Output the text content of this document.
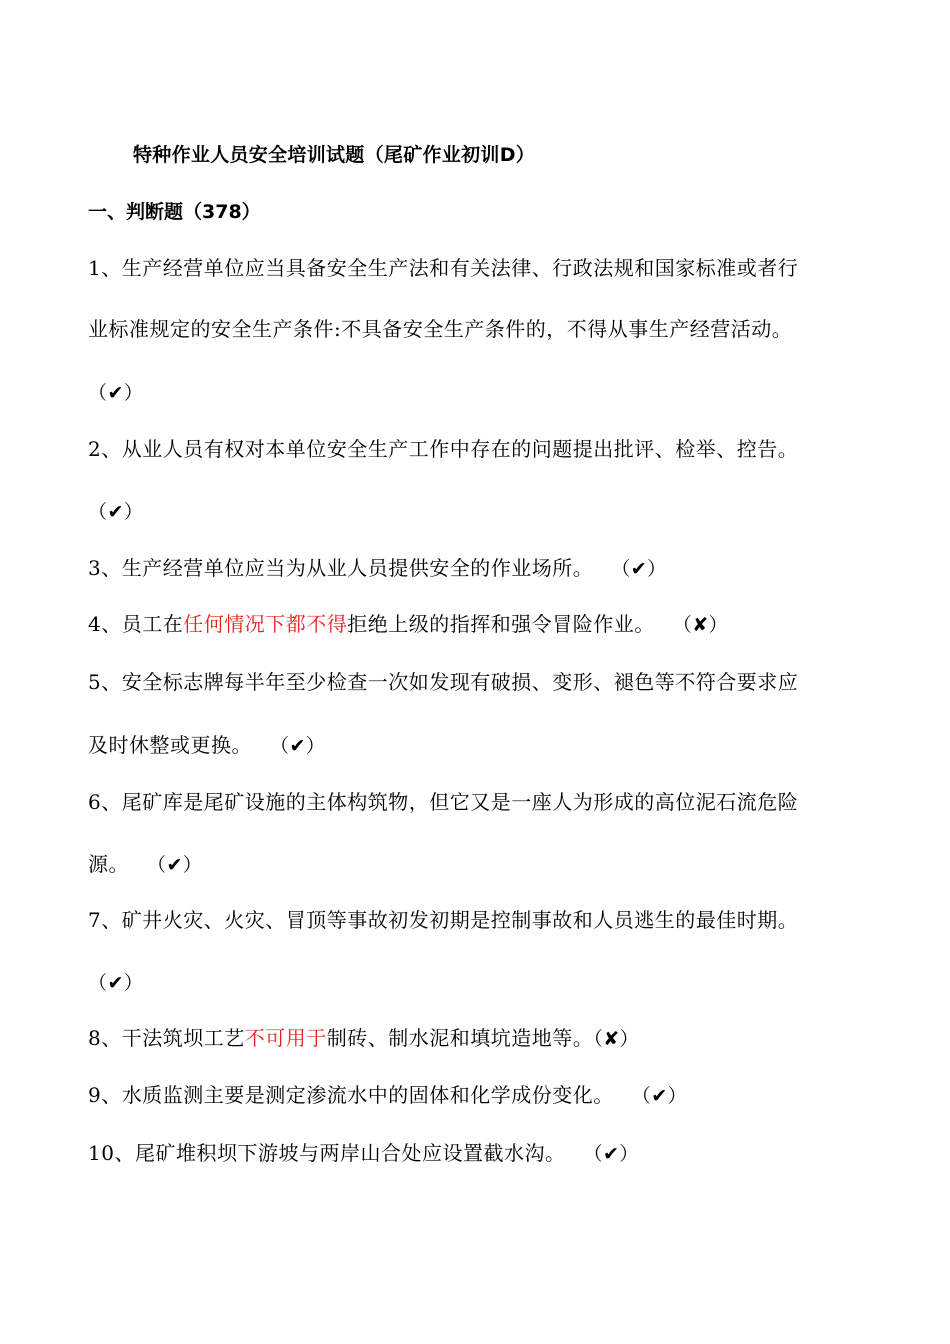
特种作业人员安全培训试题（尾矿作业初训D）
一、判断题（378）
1、生产经营单位应当具备安全生产法和有关法律、行政法规和国家标准或者行
业标准规定的安全生产条件:不具备安全生产条件的，不得从事生产经营活动。
（✔）
2、从业人员有权对本单位安全生产工作中存在的问题提出批评、检举、控告。
（✔）
3、生产经营单位应当为从业人员提供安全的作业场所。 （✔）
4、员工在任何情况下都不得拒绝上级的指挥和强令冒险作业。 （✘）
5、安全标志牌每半年至少检查一次如发现有破损、变形、褪色等不符合要求应
及时休整或更换。 （✔）
6、尾矿库是尾矿设施的主体构筑物，但它又是一座人为形成的高位泥石流危险
源。 （✔）
7、矿井火灾、火灾、冒顶等事故初发初期是控制事故和人员逃生的最佳时期。
（✔）
8、干法筑坝工艺不可用于制砖、制水泥和填坑造地等。（✘）
9、水质监测主要是测定渗流水中的固体和化学成份变化。 （✔）
10、尾矿堆积坝下游坡与两岸山合处应设置截水沟。 （✔）
